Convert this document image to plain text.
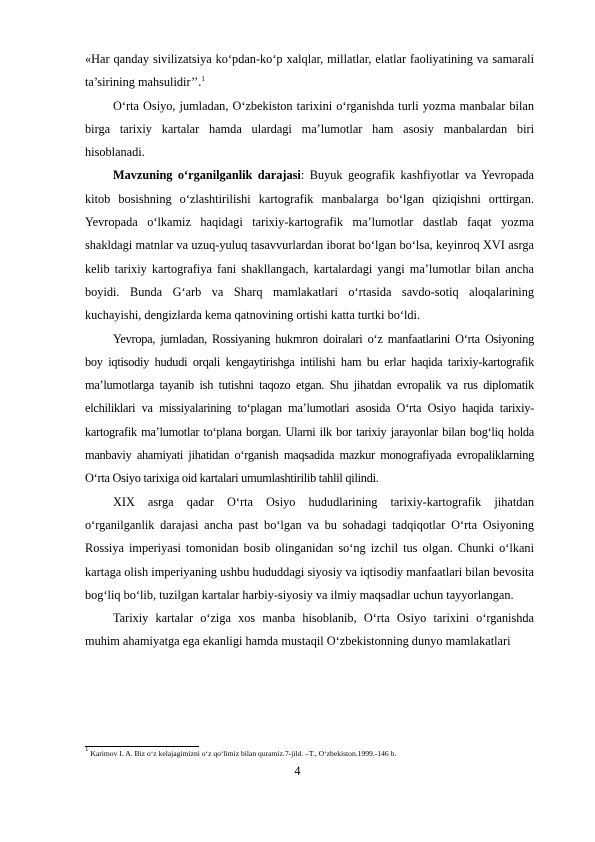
«Har qanday sivilizatsiya ko‘pdan-ko‘p xalqlar, millatlar, elatlar faoliyatining va samarali ta’sirining mahsulidir’’.$^1$

O‘rta Osiyo, jumladan, O‘zbekiston tarixini o‘rganishda turli yozma manbalar bilan birga tarixiy kartalar hamda ulardagi ma’lumotlar ham asosiy manbalardan biri hisoblanadi.

Mavzuning o‘rganilganlik darajasi: Buyuk geografik kashfiyotlar va Yevropada kitob bosishning o‘zlashtirilishi kartografik manbalarga bo‘lgan qiziqishni orttirgan. Yevropada o‘lkamiz haqidagi tarixiy-kartografik ma’lumotlar dastlab faqat yozma shakldagi matnlar va uzuq-yuluq tasavvurlardan iborat bo‘lgan bo‘lsa, keyinroq XVI asrga kelib tarixiy kartografiya fani shakllangach, kartalardagi yangi ma’lumotlar bilan ancha boyidi. Bunda G‘arb va Sharq mamlakatlari o‘rtasida savdo-sotiq aloqalarining kuchayishi, dengizlarda kema qatnovining ortishi katta turtki bo‘ldi.

Yevropa, jumladan, Rossiyaning hukmron doiralari o‘z manfaatlarini O‘rta Osiyoning boy iqtisodiy hududi orqali kengaytirishga intilishi ham bu erlar haqida tarixiy-kartografik ma’lumotlarga tayanib ish tutishni taqozo etgan. Shu jihatdan evropalik va rus diplomatik elchiliklari va missiyalarining to‘plagan ma’lumotlari asosida O‘rta Osiyo haqida tarixiy-kartografik ma’lumotlar to‘plana borgan. Ularni ilk bor tarixiy jarayonlar bilan bog‘liq holda manbaviy ahamiyati jihatidan o‘rganish maqsadida mazkur monografiyada evropaliklarning O‘rta Osiyo tarixiga oid kartalari umumlashtirilib tahlil qilindi.

XIX asrga qadar O‘rta Osiyo hududlarining tarixiy-kartografik jihatdan o‘rganilganlik darajasi ancha past bo‘lgan va bu sohadagi tadqiqotlar O‘rta Osiyoning Rossiya imperiyasi tomonidan bosib olinganidan so‘ng izchil tus olgan. Chunki o‘lkani kartaga olish imperiyaning ushbu hududdagi siyosiy va iqtisodiy manfaatlari bilan bevosita bog‘liq bo‘lib, tuzilgan kartalar harbiy-siyosiy va ilmiy maqsadlar uchun tayyorlangan.

Tarixiy kartalar o‘ziga xos manba hisoblanib, O‘rta Osiyo tarixini o‘rganishda muhim ahamiyatga ega ekanligi hamda mustaqil O‘zbekistonning dunyo mamlakatlari

$^1$ Karimov I. A. Biz o‘z kelajagimizni o‘z qo‘limiz bilan quramiz.7-jild. –T., O‘zbekiston.1999.-146 b.
4
